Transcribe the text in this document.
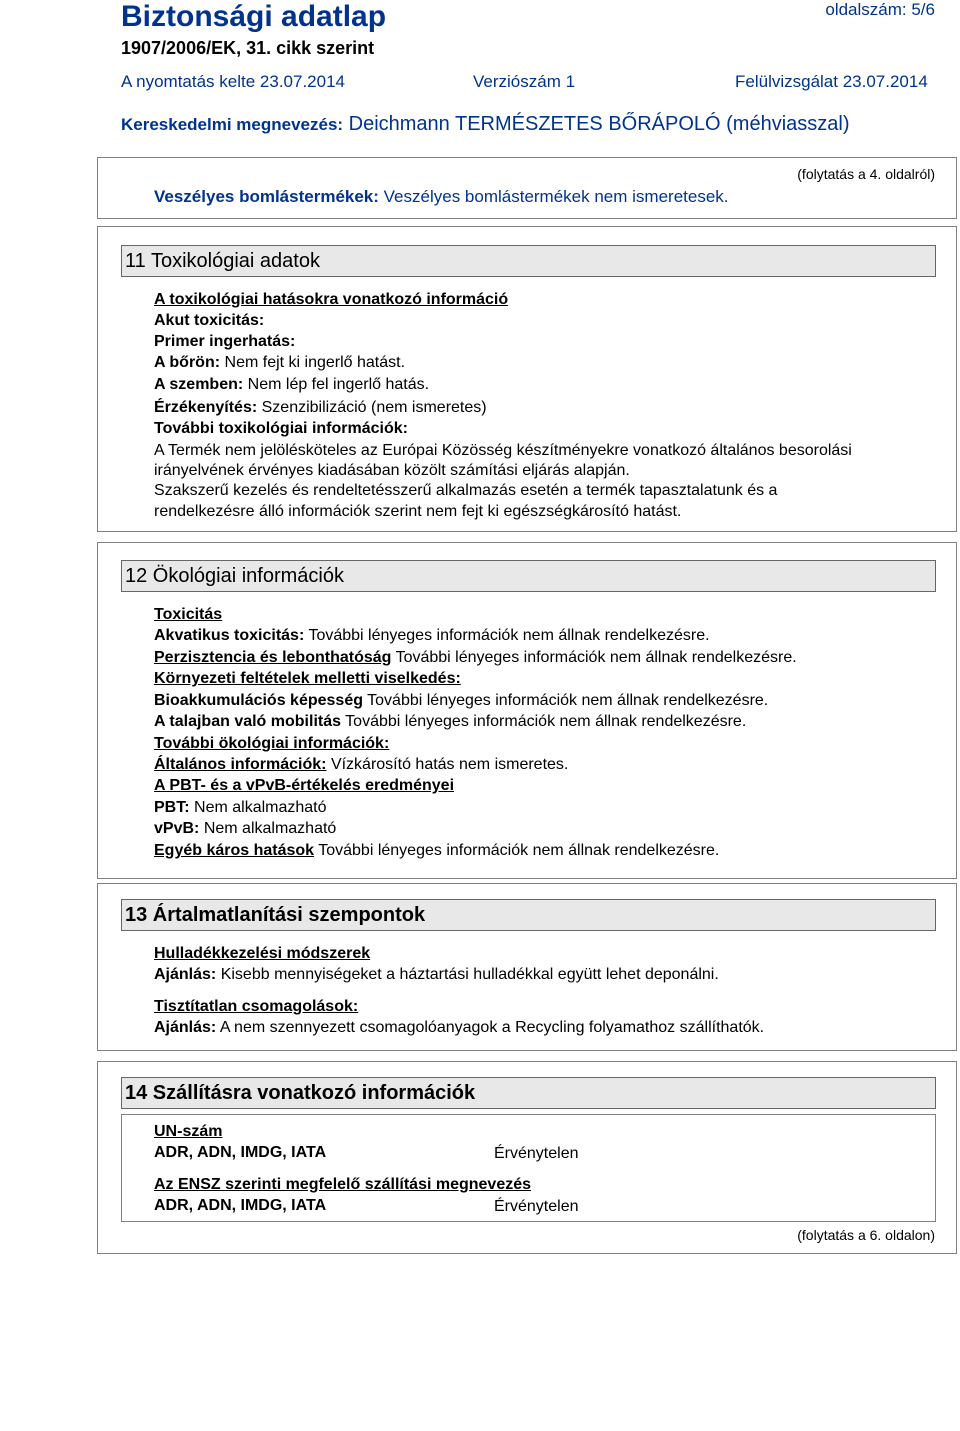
Biztonsági adatlap
1907/2006/EK, 31. cikk szerint
oldalszám: 5/6
A nyomtatás kelte 23.07.2014	Verziószám 1	Felülvizsgálat 23.07.2014
Kereskedelmi megnevezés: Deichmann TERMÉSZETES BŐRÁPOLÓ (méhviasszal)
(folytatás a 4. oldalról)
Veszélyes bomlástermékek: Veszélyes bomlástermékek nem ismeretesek.
11 Toxikológiai adatok
A toxikológiai hatásokra vonatkozó információ
Akut toxicitás:
Primer ingerhatás:
A bőrön: Nem fejt ki ingerlő hatást.
A szemben: Nem lép fel ingerlő hatás.
Érzékenyítés: Szenzibilizáció (nem ismeretes)
További toxikológiai információk:
A Termék nem jelölésköteles az Európai Közösség készítményekre vonatkozó általános besorolási
irányelvének érvényes kiadásában közölt számítási eljárás alapján.
Szakszerű kezelés és rendeltetésszerű alkalmazás esetén a termék tapasztalatunk és a
rendelkezésre álló információk szerint nem fejt ki egészségkárosító hatást.
12 Ökológiai információk
Toxicitás
Akvatikus toxicitás: További lényeges információk nem állnak rendelkezésre.
Perzisztencia és lebonthatóság További lényeges információk nem állnak rendelkezésre.
Környezeti feltételek melletti viselkedés:
Bioakkumulációs képesség További lényeges információk nem állnak rendelkezésre.
A talajban való mobilitás További lényeges információk nem állnak rendelkezésre.
További ökológiai információk:
Általános információk: Vízkárosító hatás nem ismeretes.
A PBT- és a vPvB-értékelés eredményei
PBT: Nem alkalmazható
vPvB: Nem alkalmazható
Egyéb káros hatások További lényeges információk nem állnak rendelkezésre.
13 Ártalmatlanítási szempontok
Hulladékkezelési módszerek
Ajánlás: Kisebb mennyiségeket a háztartási hulladékkal együtt lehet deponálni.
Tisztítatlan csomagolások:
Ajánlás: A nem szennyezett csomagolóanyagok a Recycling folyamathoz szállíthatók.
14 Szállításra vonatkozó információk
UN-szám
ADR, ADN, IMDG, IATA	Érvénytelen
Az ENSZ szerinti megfelelő szállítási megnevezés
ADR, ADN, IMDG, IATA	Érvénytelen
(folytatás a 6. oldalon)
